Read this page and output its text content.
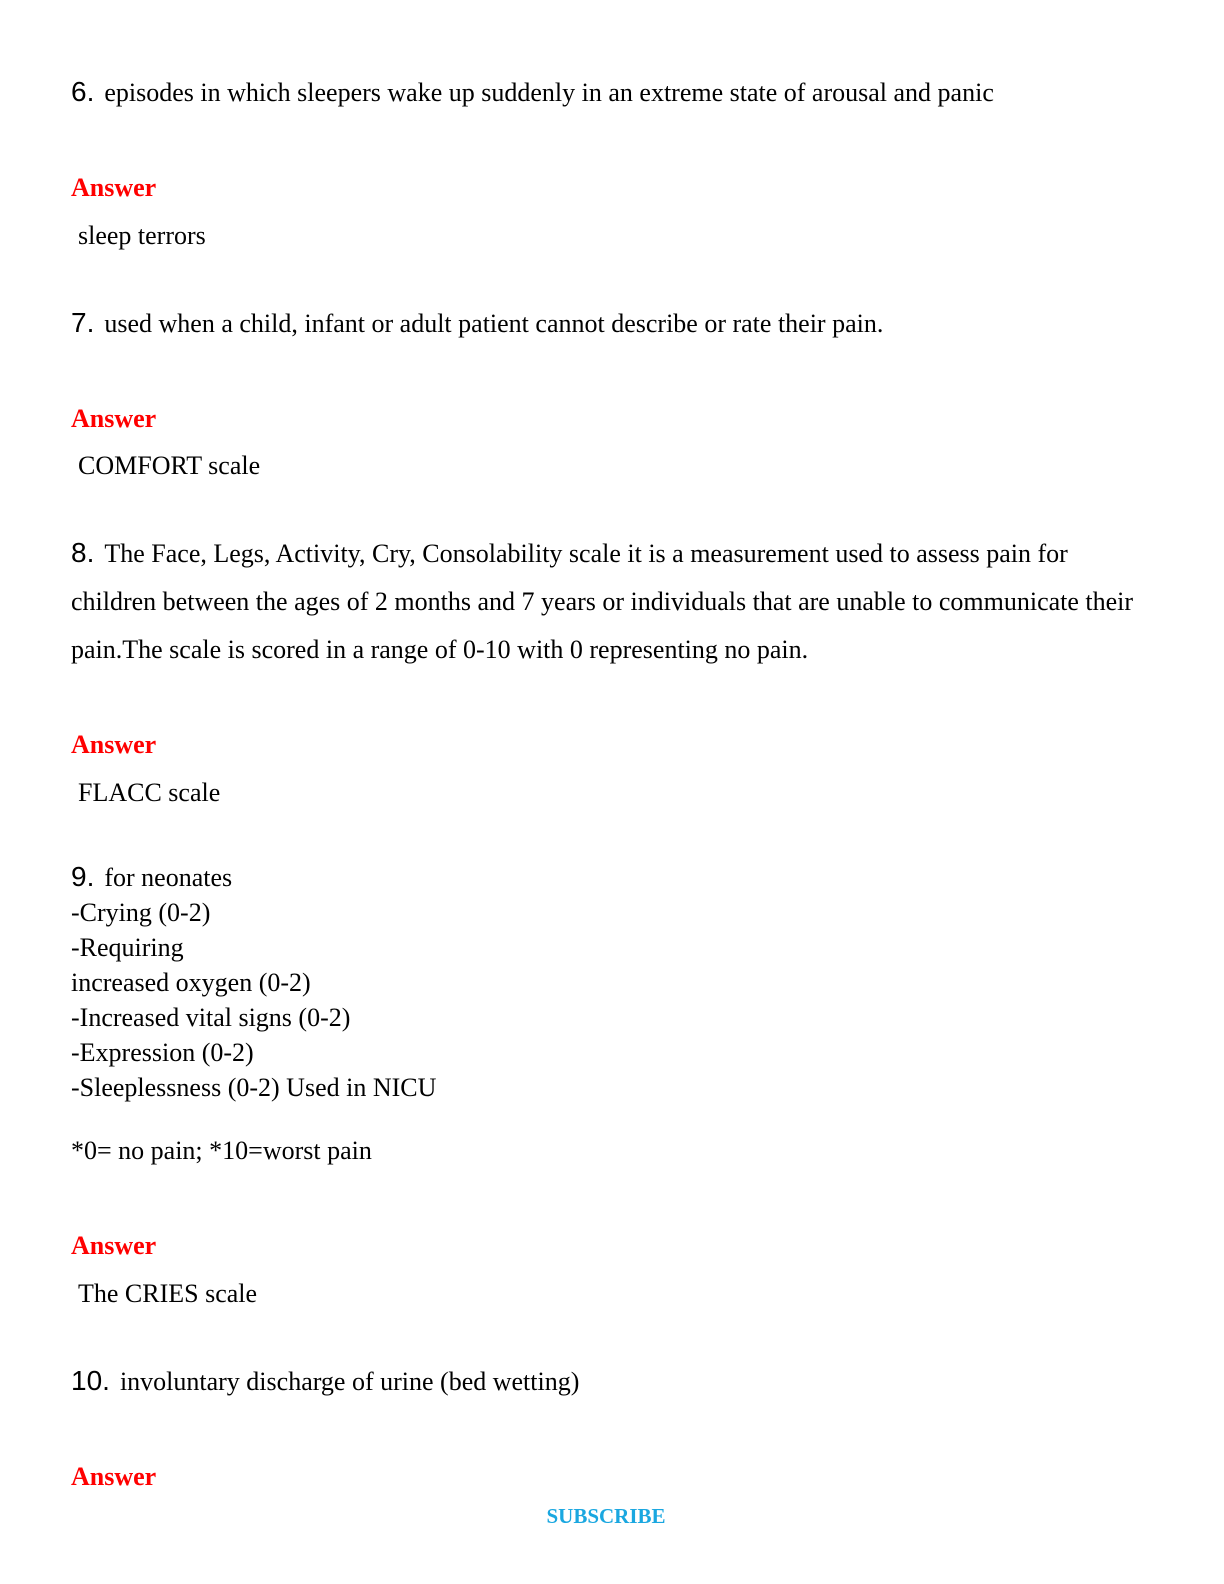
6. episodes in which sleepers wake up suddenly in an extreme state of arousal and panic
Answer
sleep terrors
7. used when a child, infant or adult patient cannot describe or rate their pain.
Answer
COMFORT scale
8. The Face, Legs, Activity, Cry, Consolability scale it is a measurement used to assess pain for children between the ages of 2 months and 7 years or individuals that are unable to communicate their pain.The scale is scored in a range of 0-10 with 0 representing no pain.
Answer
FLACC scale
9. for neonates
-Crying (0-2)
-Requiring
increased oxygen (0-2)
-Increased vital signs (0-2)
-Expression (0-2)
-Sleeplessness (0-2) Used in NICU
*0= no pain; *10=worst pain
Answer
The CRIES scale
10. involuntary discharge of urine (bed wetting)
Answer
SUBSCRIBE
